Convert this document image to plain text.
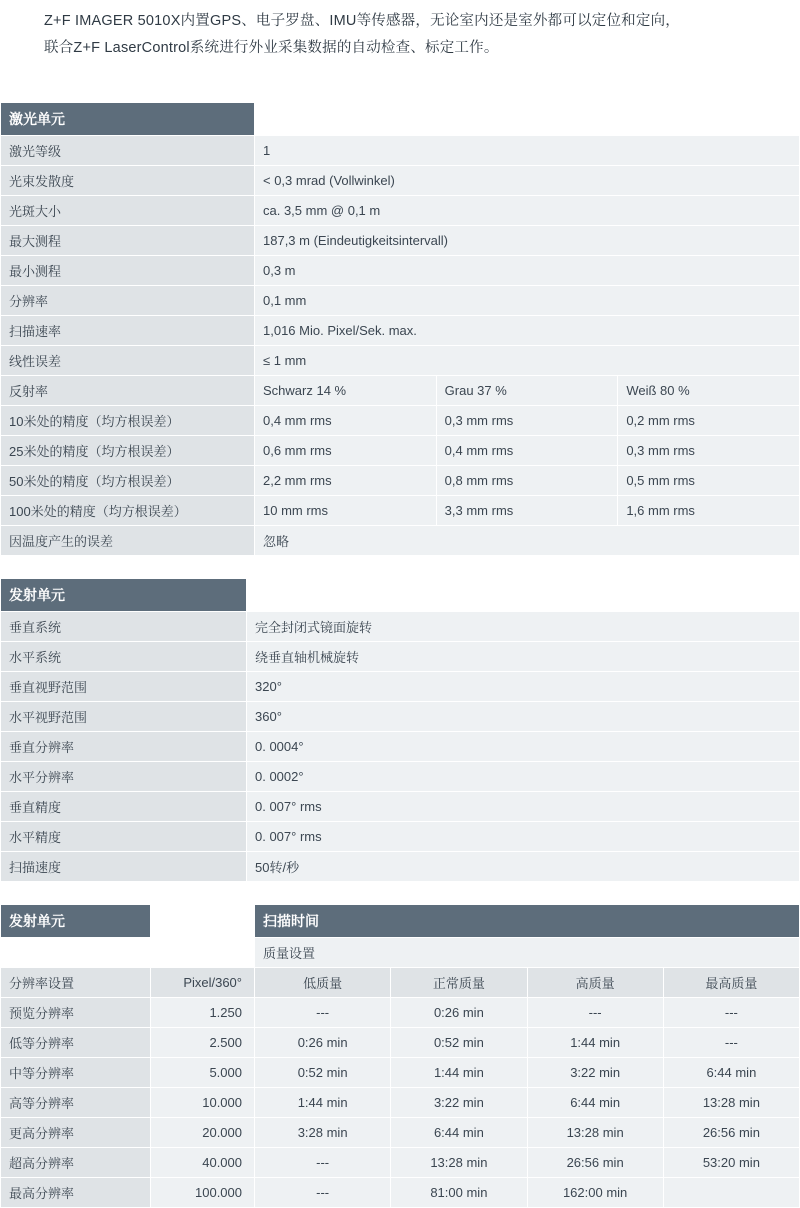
Z+F IMAGER 5010X内置GPS、电子罗盘、IMU等传感器，无论室内还是室外都可以定位和定向，

联合Z+F LaserControl系统进行外业采集数据的自动检查、标定工作。

激光单元			
激光等级	1		
光束发散度	< 0,3 mrad (Vollwinkel)		
光斑大小	ca. 3,5 mm @ 0,1 m		
最大测程	187,3 m (Eindeutigkeitsintervall)		
最小测程	0,3 m		
分辨率	0,1 mm		
扫描速率	1,016 Mio. Pixel/Sek. max.		
线性误差	≤ 1 mm		
反射率	Schwarz 14 %	Grau 37 %	Weiß 80 %
10米处的精度（均方根误差）	0,4 mm rms	0,3 mm rms	0,2 mm rms
25米处的精度（均方根误差）	0,6 mm rms	0,4 mm rms	0,3 mm rms
50米处的精度（均方根误差）	2,2 mm rms	0,8 mm rms	0,5 mm rms
100米处的精度（均方根误差）	10 mm rms	3,3 mm rms	1,6 mm rms
因温度产生的误差	忽略		
发射单元	
垂直系统	完全封闭式镜面旋转
水平系统	绕垂直轴机械旋转
垂直视野范围	320°
水平视野范围	360°
垂直分辨率	0. 0004°
水平分辨率	0. 0002°
垂直精度	0. 007° rms
水平精度	0. 007° rms
扫描速度	50转/秒
发射单元		扫描时间			
		质量设置			
分辨率设置	Pixel/360°	低质量	正常质量	高质量	最高质量
预览分辨率	1.250	---	0:26 min	---	---
低等分辨率	2.500	0:26 min	0:52 min	1:44 min	---
中等分辨率	5.000	0:52 min	1:44 min	3:22 min	6:44 min
高等分辨率	10.000	1:44 min	3:22 min	6:44 min	13:28 min
更高分辨率	20.000	3:28 min	6:44 min	13:28 min	26:56 min
超高分辨率	40.000	---	13:28 min	26:56 min	53:20 min
最高分辨率	100.000	---	81:00 min	162:00 min	
